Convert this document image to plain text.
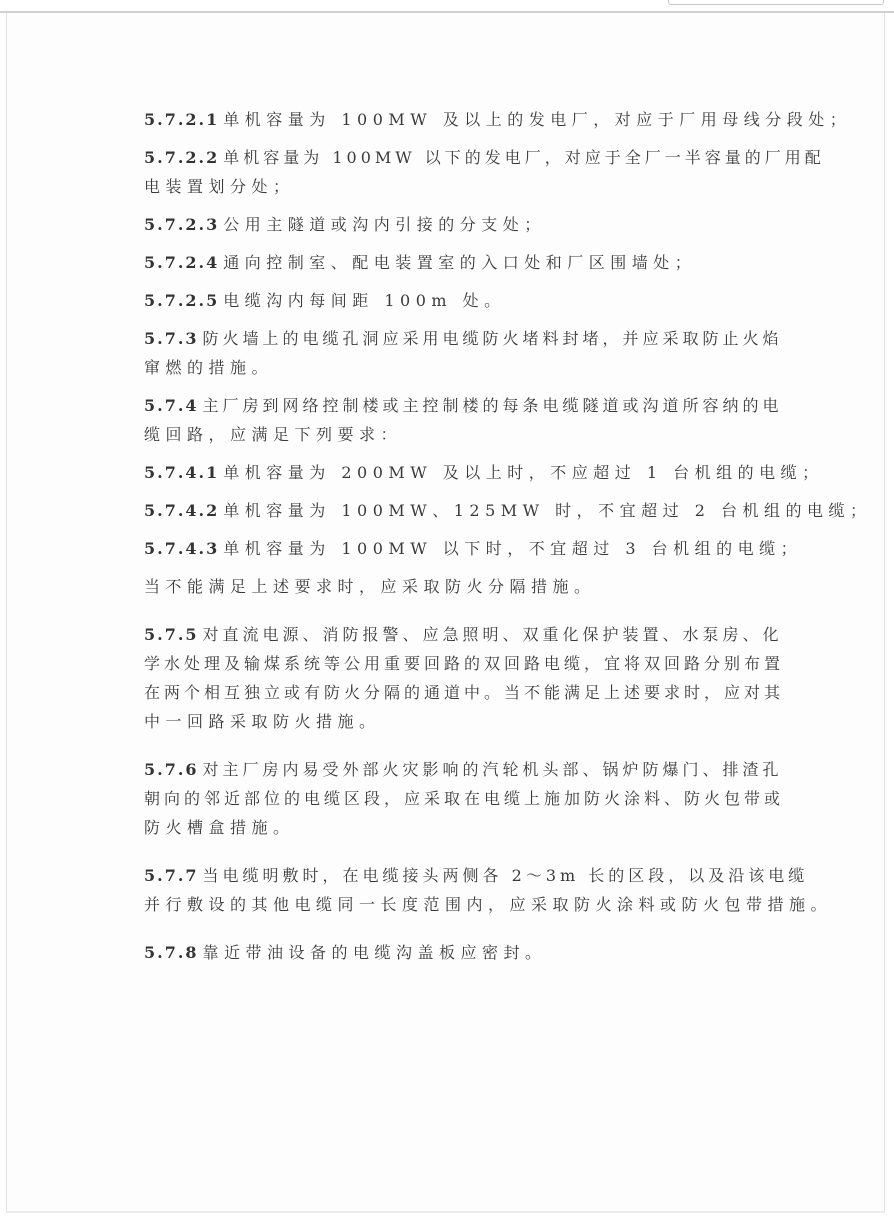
5.7.2.1 单机容量为 100MW 及以上的发电厂，对应于厂用母线分段处；
5.7.2.2 单机容量为 100MW 以下的发电厂，对应于全厂一半容量的厂用配
电装置划分处；
5.7.2.3 公用主隧道或沟内引接的分支处；
5.7.2.4 通向控制室、配电装置室的入口处和厂区围墙处；
5.7.2.5 电缆沟内每间距 100m 处。
5.7.3 防火墙上的电缆孔洞应采用电缆防火堵料封堵，并应采取防止火焰
窜燃的措施。
5.7.4 主厂房到网络控制楼或主控制楼的每条电缆隧道或沟道所容纳的电
缆回路，应满足下列要求：
5.7.4.1 单机容量为 200MW 及以上时，不应超过 1 台机组的电缆；
5.7.4.2 单机容量为 100MW、125MW 时，不宜超过 2 台机组的电缆；
5.7.4.3 单机容量为 100MW 以下时，不宜超过 3 台机组的电缆；
当不能满足上述要求时，应采取防火分隔措施。
5.7.5 对直流电源、消防报警、应急照明、双重化保护装置、水泵房、化
学水处理及输煤系统等公用重要回路的双回路电缆，宜将双回路分别布置
在两个相互独立或有防火分隔的通道中。当不能满足上述要求时，应对其
中一回路采取防火措施。
5.7.6 对主厂房内易受外部火灾影响的汽轮机头部、锅炉防爆门、排渣孔
朝向的邻近部位的电缆区段，应采取在电缆上施加防火涂料、防火包带或
防火槽盒措施。
5.7.7 当电缆明敷时，在电缆接头两侧各 2～3m 长的区段，以及沿该电缆
并行敷设的其他电缆同一长度范围内，应采取防火涂料或防火包带措施。
5.7.8 靠近带油设备的电缆沟盖板应密封。
